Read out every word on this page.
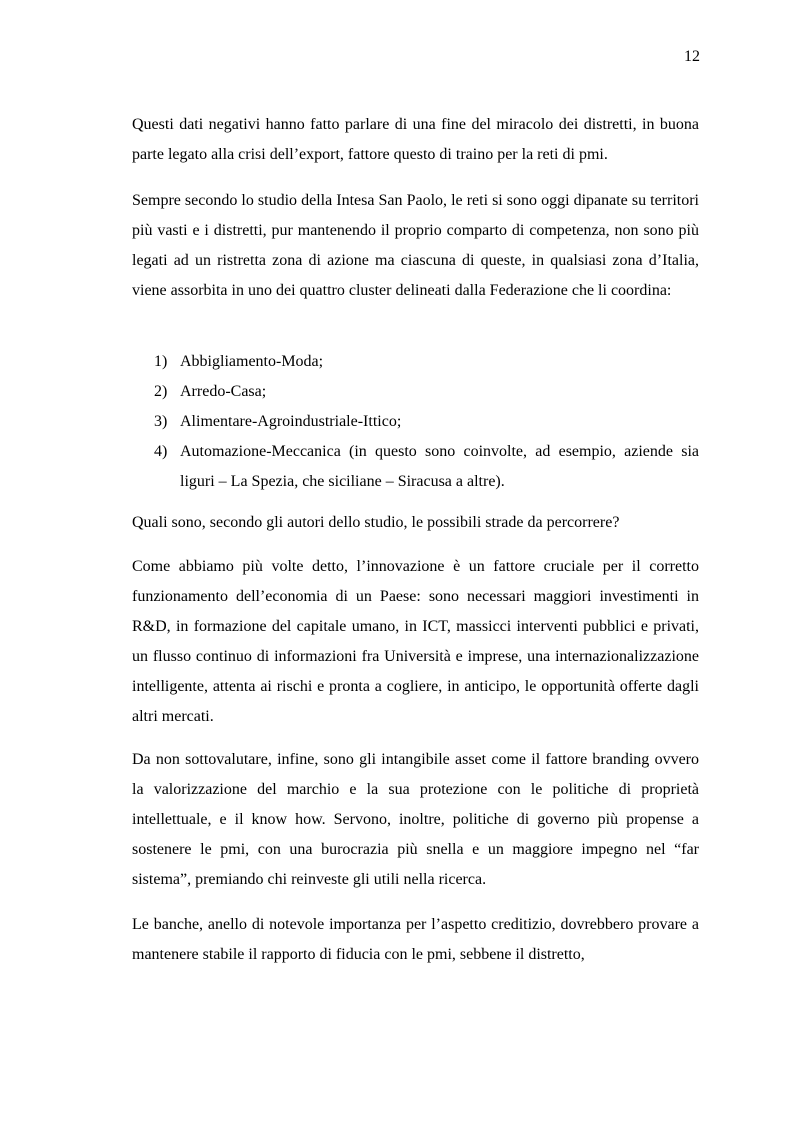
12

Questi dati negativi hanno fatto parlare di una fine del miracolo dei distretti, in buona parte legato alla crisi dell’export, fattore questo di traino per la reti di pmi.

Sempre secondo lo studio della Intesa San Paolo, le reti si sono oggi dipanate su territori più vasti e i distretti, pur mantenendo il proprio comparto di competenza, non sono più legati ad un ristretta zona di azione ma ciascuna di queste, in qualsiasi zona d’Italia, viene assorbita in uno dei quattro cluster delineati dalla Federazione che li coordina:

1) Abbigliamento-Moda;
2) Arredo-Casa;
3) Alimentare-Agroindustriale-Ittico;
4) Automazione-Meccanica (in questo sono coinvolte, ad esempio, aziende sia liguri – La Spezia, che siciliane – Siracusa a altre).

Quali sono, secondo gli autori dello studio, le possibili strade da percorrere?

Come abbiamo più volte detto, l’innovazione è un fattore cruciale per il corretto funzionamento dell’economia di un Paese: sono necessari maggiori investimenti in R&D, in formazione del capitale umano, in ICT, massicci interventi pubblici e privati, un flusso continuo di informazioni fra Università e imprese, una internazionalizzazione intelligente, attenta ai rischi e pronta a cogliere, in anticipo, le opportunità offerte dagli altri mercati.

Da non sottovalutare, infine, sono gli intangibile asset come il fattore branding ovvero la valorizzazione del marchio e la sua protezione con le politiche di proprietà intellettuale, e il know how. Servono, inoltre, politiche di governo più propense a sostenere le pmi, con una burocrazia più snella e un maggiore impegno nel “far sistema”, premiando chi reinveste gli utili nella ricerca.

Le banche, anello di notevole importanza per l’aspetto creditizio, dovrebbero provare a mantenere stabile il rapporto di fiducia con le pmi, sebbene il distretto,
